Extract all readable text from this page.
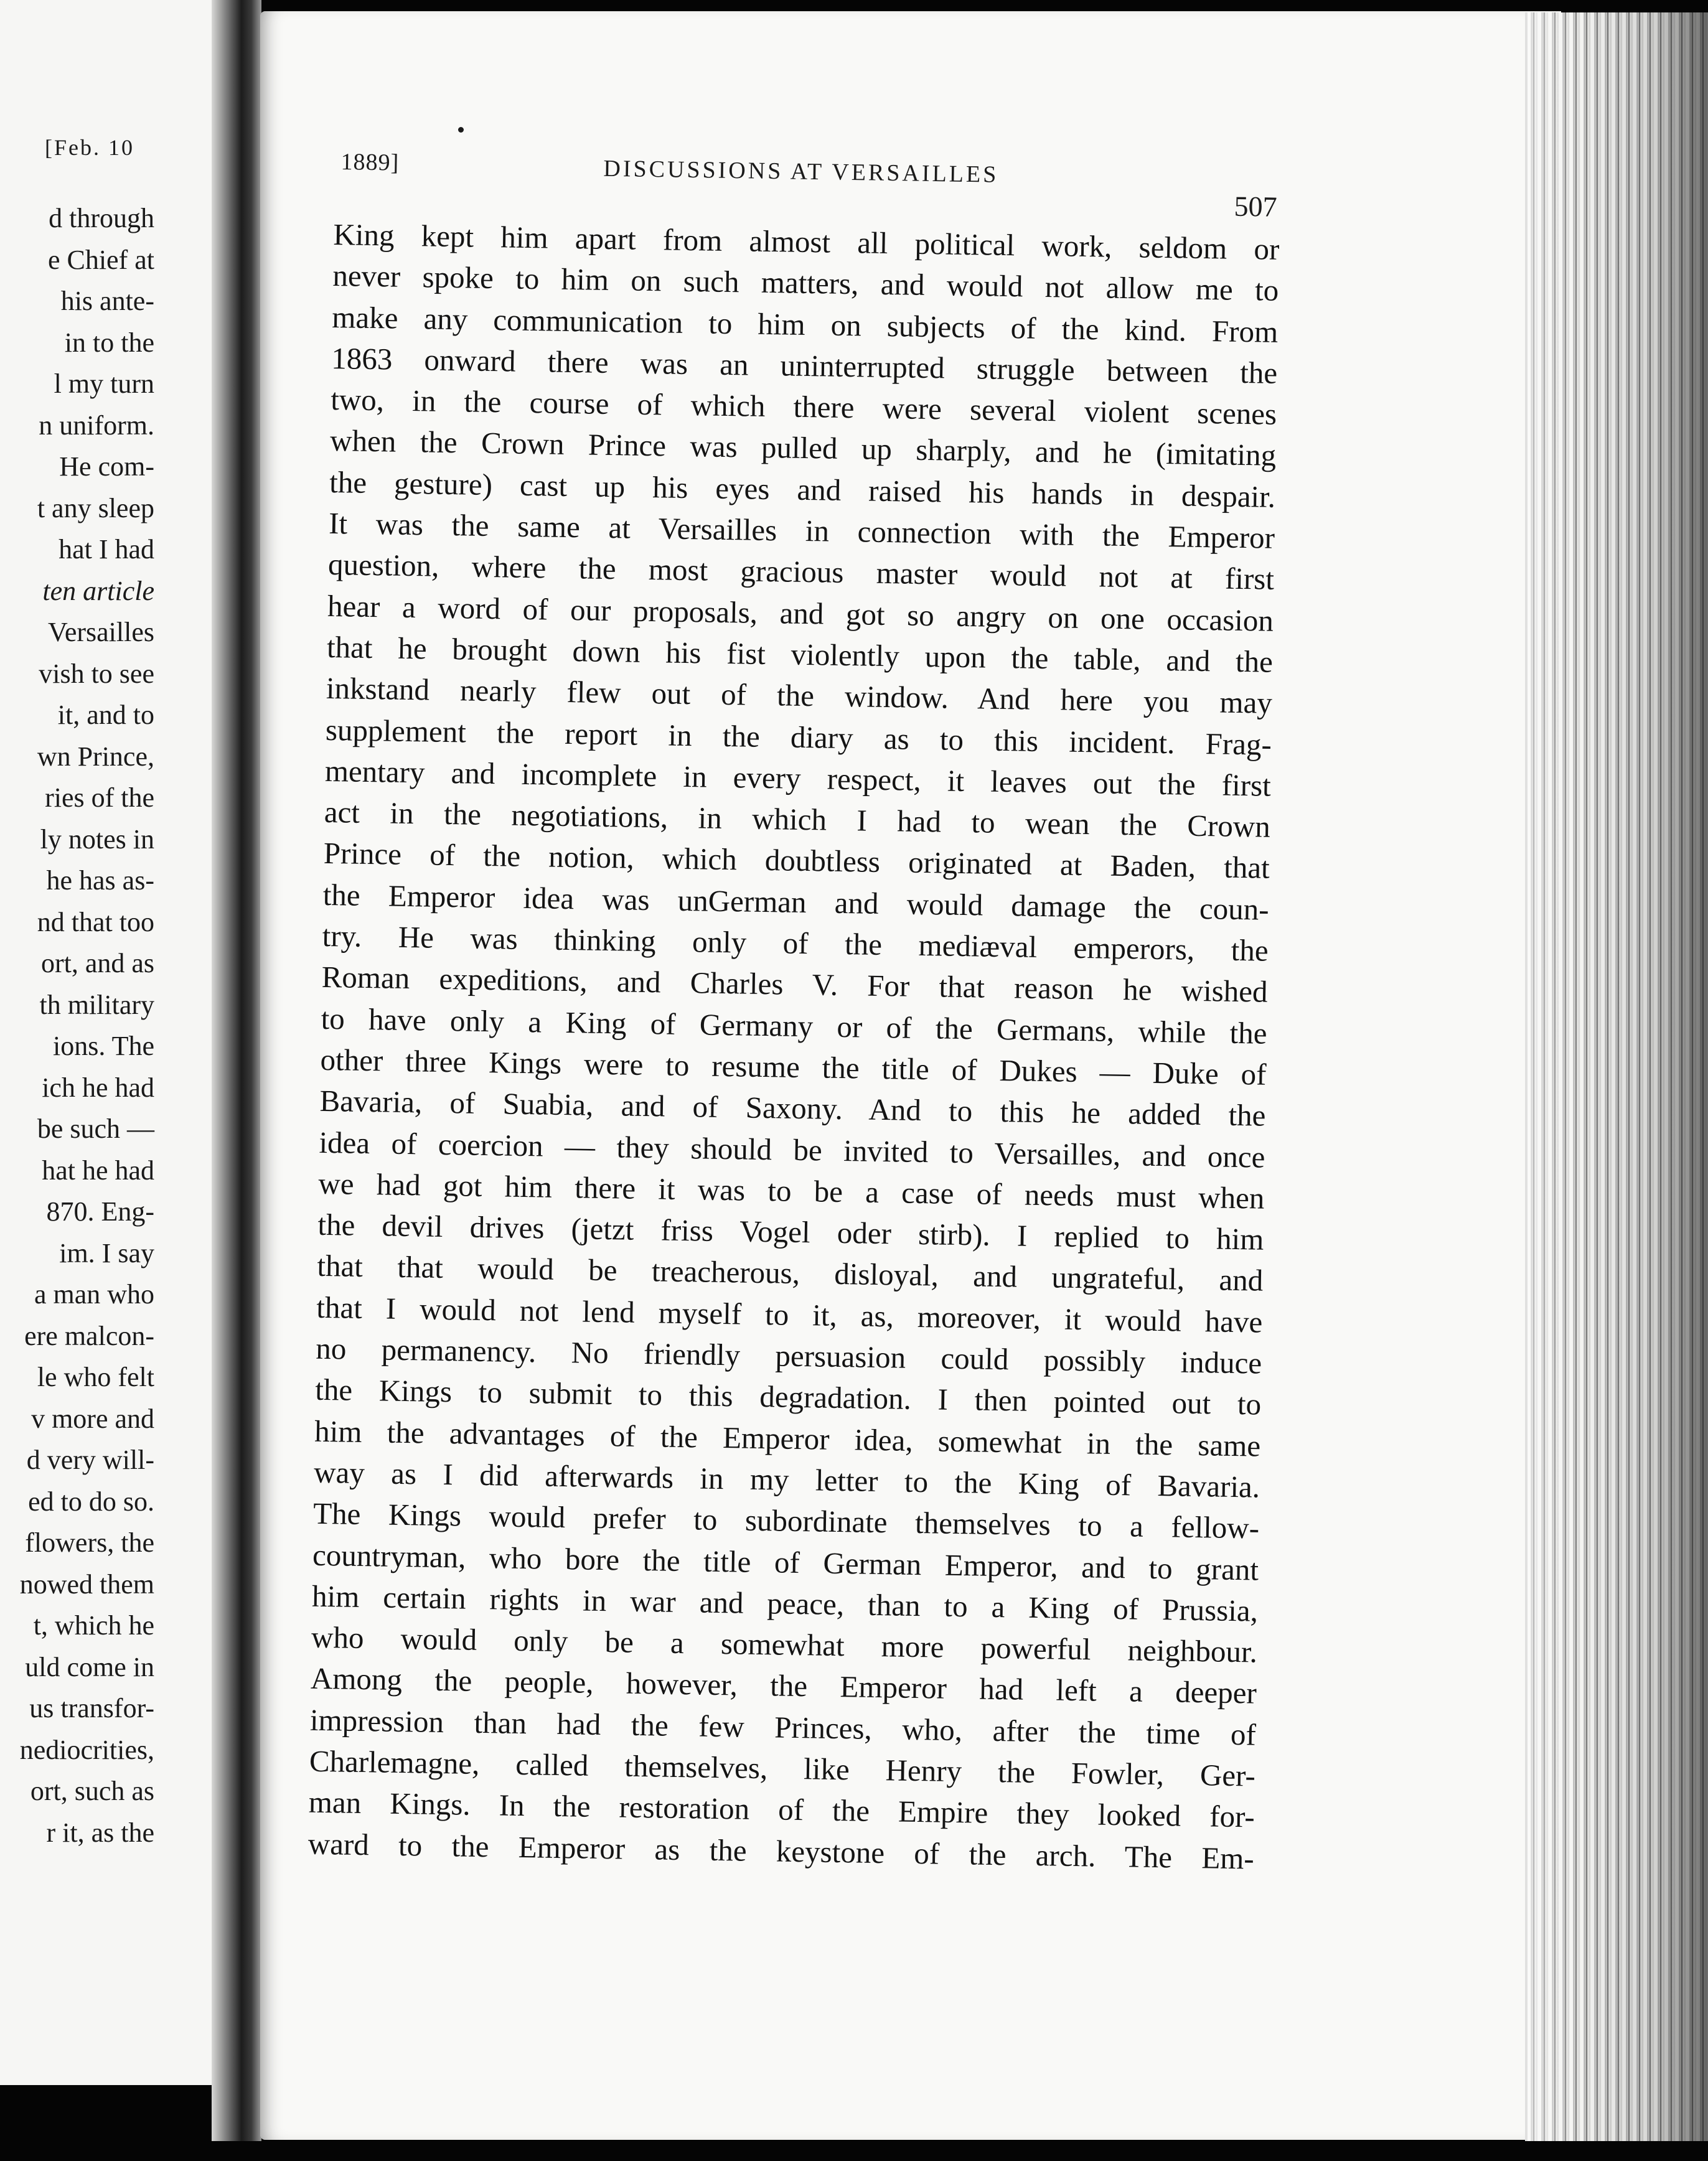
[Feb. 10

d through
e Chief at
his ante-
in to the
l my turn
n uniform.
He com-
t any sleep
hat I had
ten article
Versailles
vish to see
it, and to
wn Prince,
ries of the
ly notes in
he has as-
nd that too
ort, and as
th military
ions. The
ich he had
be such —
hat he had
870. Eng-
im. I say
a man who
ere malcon-
le who felt
v more and
d very will-
ed to do so.
flowers, the
nowed them
t, which he
uld come in
us transfor-
nediocrities,
ort, such as
r it, as the
1889]	DISCUSSIONS AT VERSAILLES
507
King kept him apart from almost all political work, seldom or
never spoke to him on such matters, and would not allow me to
make any communication to him on subjects of the kind. From
1863 onward there was an uninterrupted struggle between the
two, in the course of which there were several violent scenes
when the Crown Prince was pulled up sharply, and he (imitating
the gesture) cast up his eyes and raised his hands in despair.
It was the same at Versailles in connection with the Emperor
question, where the most gracious master would not at first
hear a word of our proposals, and got so angry on one occasion
that he brought down his fist violently upon the table, and the
inkstand nearly flew out of the window. And here you may
supplement the report in the diary as to this incident. Frag-
mentary and incomplete in every respect, it leaves out the first
act in the negotiations, in which I had to wean the Crown
Prince of the notion, which doubtless originated at Baden, that
the Emperor idea was unGerman and would damage the coun-
try. He was thinking only of the mediæval emperors, the
Roman expeditions, and Charles V. For that reason he wished
to have only a King of Germany or of the Germans, while the
other three Kings were to resume the title of Dukes — Duke of
Bavaria, of Suabia, and of Saxony. And to this he added the
idea of coercion — they should be invited to Versailles, and once
we had got him there it was to be a case of needs must when
the devil drives (jetzt friss Vogel oder stirb). I replied to him
that that would be treacherous, disloyal, and ungrateful, and
that I would not lend myself to it, as, moreover, it would have
no permanency. No friendly persuasion could possibly induce
the Kings to submit to this degradation. I then pointed out to
him the advantages of the Emperor idea, somewhat in the same
way as I did afterwards in my letter to the King of Bavaria.
The Kings would prefer to subordinate themselves to a fellow-
countryman, who bore the title of German Emperor, and to grant
him certain rights in war and peace, than to a King of Prussia,
who would only be a somewhat more powerful neighbour.
Among the people, however, the Emperor had left a deeper
impression than had the few Princes, who, after the time of
Charlemagne, called themselves, like Henry the Fowler, Ger-
man Kings. In the restoration of the Empire they looked for-
ward to the Emperor as the keystone of the arch. The Em-
